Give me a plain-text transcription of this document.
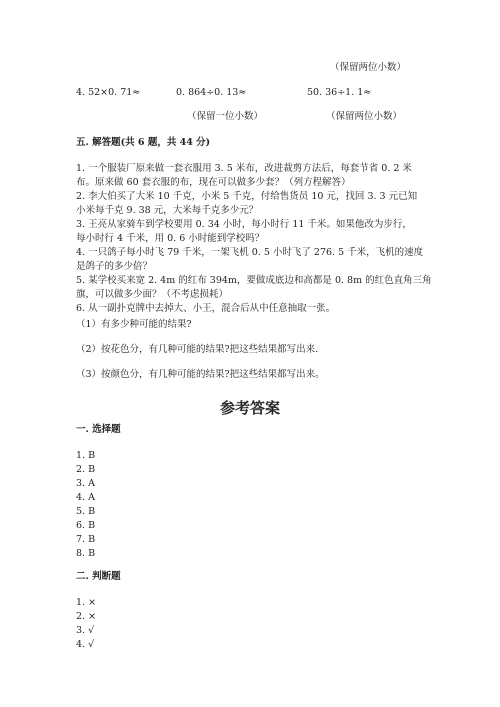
（保留两位小数）
4. 52×0. 71≈	0. 864÷0. 13≈	50. 36÷1. 1≈
（保留一位小数）	（保留两位小数）
五. 解答题(共 6 题，共 44 分)
1. 一个服装厂原来做一套衣服用 3. 5 米布，改进裁剪方法后，每套节省 0. 2 米
布。原来做 60 套衣服的布，现在可以做多少套？（列方程解答）
2. 李大伯买了大米 10 千克，小米 5 千克，付给售货员 10 元，找回 3. 3 元已知
小米每千克 9. 38 元，大米每千克多少元？
3. 王亮从家骑车到学校要用 0. 34 小时，每小时行 11 千米。如果他改为步行，
每小时行 4 千米，用 0. 6 小时能到学校吗？
4. 一只鸽子每小时飞 79 千米，一架飞机 0. 5 小时飞了 276. 5 千米，飞机的速度
是鸽子的多少倍？
5. 某学校买来宽 2. 4m 的红布 394m，要做成底边和高都是 0. 8m 的红色直角三角
旗，可以做多少面？（不考虑损耗）
6. 从一副扑克牌中去掉大、小王，混合后从中任意抽取一张。
（1）有多少种可能的结果?
（2）按花色分，有几种可能的结果?把这些结果都写出来.
（3）按颜色分，有几种可能的结果?把这些结果都写出来。
参考答案
一. 选择题
1. B
2. B
3. A
4. A
5. B
6. B
7. B
8. B
二. 判断题
1. ×
2. ×
3. √
4. √
